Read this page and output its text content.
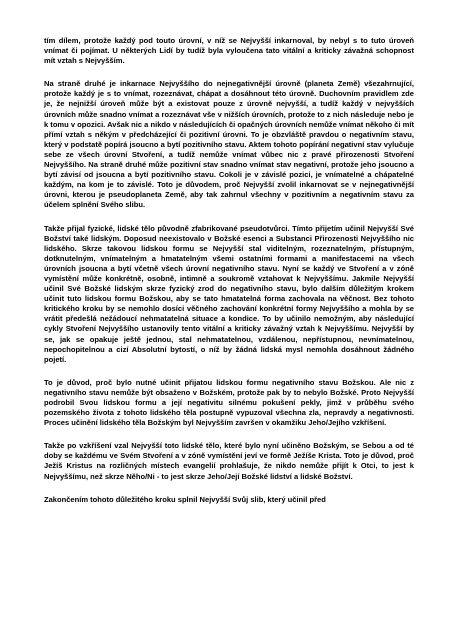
tím dílem, protože každý pod touto úrovní, v níž se Nejvyšší inkarnoval, by nebyl s to tuto úroveň vnímat či pojímat. U některých Lidí by tudíž byla vyloučena tato vitální a kriticky závažná schopnost mít vztah s Nejvyšším.

Na straně druhé je inkarnace Nejvyššího do nejnegativnější úrovně (planeta Země) všezahrnující, protože každý je s to vnímat, rozeznávat, chápat a dosáhnout této úrovně. Duchovním pravidlem zde je, že nejnižší úroveň může být a existovat pouze z úrovně nejvyšší, a tudíž každý v nejvyšších úrovních může snadno vnímat a rozeznávat vše v nižších úrovních, protože to z nich následuje nebo je k tomu v opozici. Avšak nic a nikdo v následujících či opačných úrovních nemůže vnímat někoho či mít přímí vztah s někým v předcházející či pozitivní úrovni. To je obzvláště pravdou o negativním stavu, který v podstatě popírá jsoucno a bytí pozitivního stavu. Aktem tohoto popírání negativní stav vylučuje sebe ze všech úrovní Stvoření, a tudíž nemůže vnímat vůbec nic z pravé přirozenosti Stvoření Nejvyššího. Na straně druhé může pozitivní stav snadno vnímat stav negativní, protože jeho jsoucno a bytí závisí od jsoucna a bytí pozitivního stavu. Cokoli je v závislé pozici, je vnímatelné a chápatelné každým, na kom je to závislé. Toto je důvodem, proč Nejvyšší zvolil inkarnovat se v nejnegativnější úrovni, kterou je pseudoplaneta Země, aby tak zahrnul všechny v pozitivním a negativním stavu za účelem splnění Svého slibu.

Takže přijal fyzické, lidské tělo původně zfabrikované pseudotvůrci. Tímto přijetím učinil Nejvyšší Své Božství také lidským. Doposud neexistovalo v Božské esenci a Substanci Přirozenosti Nejvyššího nic lidského. Skrze takovou lidskou formu se Nejvyšší stal viditelným, rozeznatelným, přístupným, dotknutelným, vnímatelným a hmatatelným všemi ostatními formami a manifestacemi na všech úrovních jsoucna a bytí včetně všech úrovní negativního stavu. Nyní se každý ve Stvoření a v zóně vymístění může konkrétně, osobně, intimně a soukromě vztahovat k Nejvyššímu. Jakmile Nejvyšší učinil Své Božské lidským skrze fyzický zrod do negativního stavu, bylo dalším důležitým krokem učinit tuto lidskou formu Božskou, aby se tato hmatatelná forma zachovala na věčnost. Bez tohoto kritického kroku by se nemohlo dosíci věčného zachování konkrétní formy Nejvyššího a mohla by se vrátit předešlá nežádoucí nehmatatelná situace a kondice. To by učinilo nemožným, aby následující cykly Stvoření Nejvyššího ustanovily tento vitální a kriticky závažný vztah k Nejvyššímu. Nejvyšší by se, jak se opakuje ještě jednou, stal nehmatatelnou, vzdálenou, nepřístupnou, nevnímatelnou, nepochopitelnou a cizí Absolutní bytostí, o níž by žádná lidská mysl nemohla dosáhnout žádného pojetí.

To je důvod, proč bylo nutné učinit přijatou lidskou formu negativního stavu Božskou. Ale nic z negativního stavu nemůže být obsaženo v Božském, protože pak by to nebylo Božské. Proto Nejvyšší podrobil Svou lidskou formu a její negativitu silnému pokušení pekly, jimž v průběhu svého pozemského života z tohoto lidského těla postupně vypuzoval všechna zla, nepravdy a negativnosti. Proces učinění lidského těla Božským byl Nejvyšším završen v okamžiku Jeho/Jejího vzkříšení.

Takže po vzkříšení vzal Nejvyšší toto lidské tělo, které bylo nyní učiněno Božským, se Sebou a od té doby se každému ve Svém Stvoření a v zóně vymístění jeví ve formě Ježíše Krista. Toto je důvod, proč Ježíš Kristus na rozličných místech evangelií prohlašuje, že nikdo nemůže přijít k Otci, to jest k Nejvyššímu, než skrze Něho/Ni - to jest skrze Jeho/Její Božské lidství a lidské Božství.

Zakončením tohoto důležitého kroku splnil Nejvyšší Svůj slib, který učinil před
